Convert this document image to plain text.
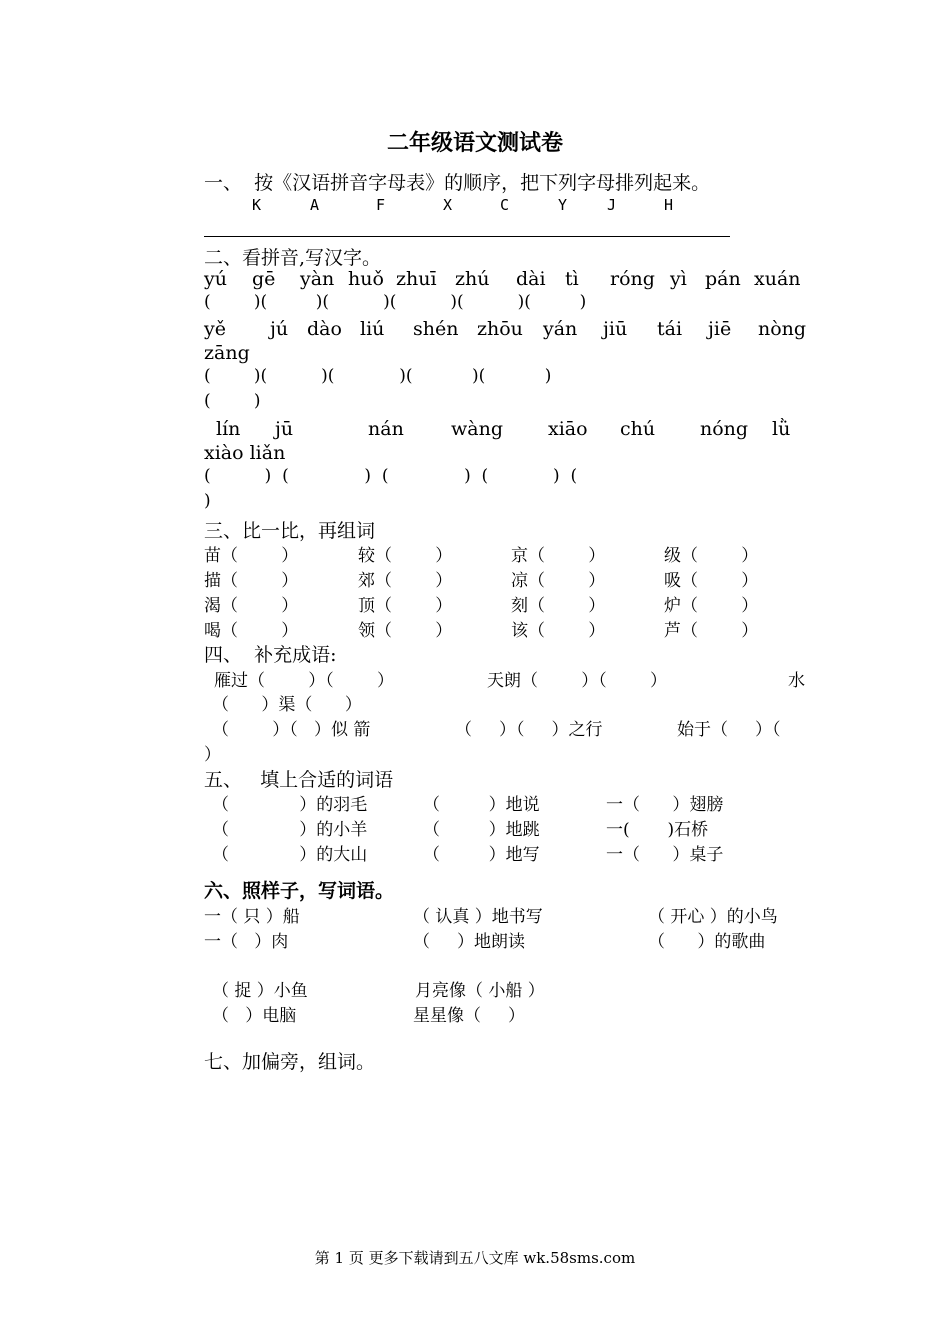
二年级语文测试卷
一、  按《汉语拼音字母表》的顺序，把下列字母排列起来。
K	A	F	X	C	Y	J	H
二、看拼音,写汉字。
yú gē yàn huǒ zhuī zhú dài tì róng yì pán xuán
(        )(         )(          )(          )(          )(         )
yě jú dào liú shén zhōu yán jiū tái jiē nòng
zāng
(        )(          )(            )(           )(           )
(        )
lín jū	nán wàng xiāo chú nóng lǜ
xiào liǎn
(          )  (              )  (              )  (            )  (
)
三、比一比，再组词
苗（        ）	较（        ）	京（        ）	级（        ）
描（        ）	郊（        ）	凉（        ）	吸（        ）
渴（        ）	顶（        ）	刻（        ）	炉（        ）
喝（        ）	领（        ）	该（        ）	芦（        ）
四、  补充成语:
雁过（        ）（        ）	天朗（        ）（        ）	水
（      ）渠（      ）
（        ）（   ）似 箭	（     ）（     ）之行	始于（     ）（
）
五、   填上合适的词语
（             ）的羽毛	（         ）地说	一（      ）翅膀
（             ）的小羊	（         ）地跳	一(       )石桥
（             ）的大山	（         ）地写	一（      ）桌子
六、照样子，写词语。
一（ 只 ）船	（ 认真 ）地书写	（ 开心 ）的小鸟
一（   ）肉	（     ）地朗读	（      ）的歌曲
（ 捉 ）小鱼	月亮像（ 小船 ）
（   ）电脑	星星像（     ）
七、加偏旁，组词。
第 1 页 更多下载请到五八文库 wk.58sms.com
